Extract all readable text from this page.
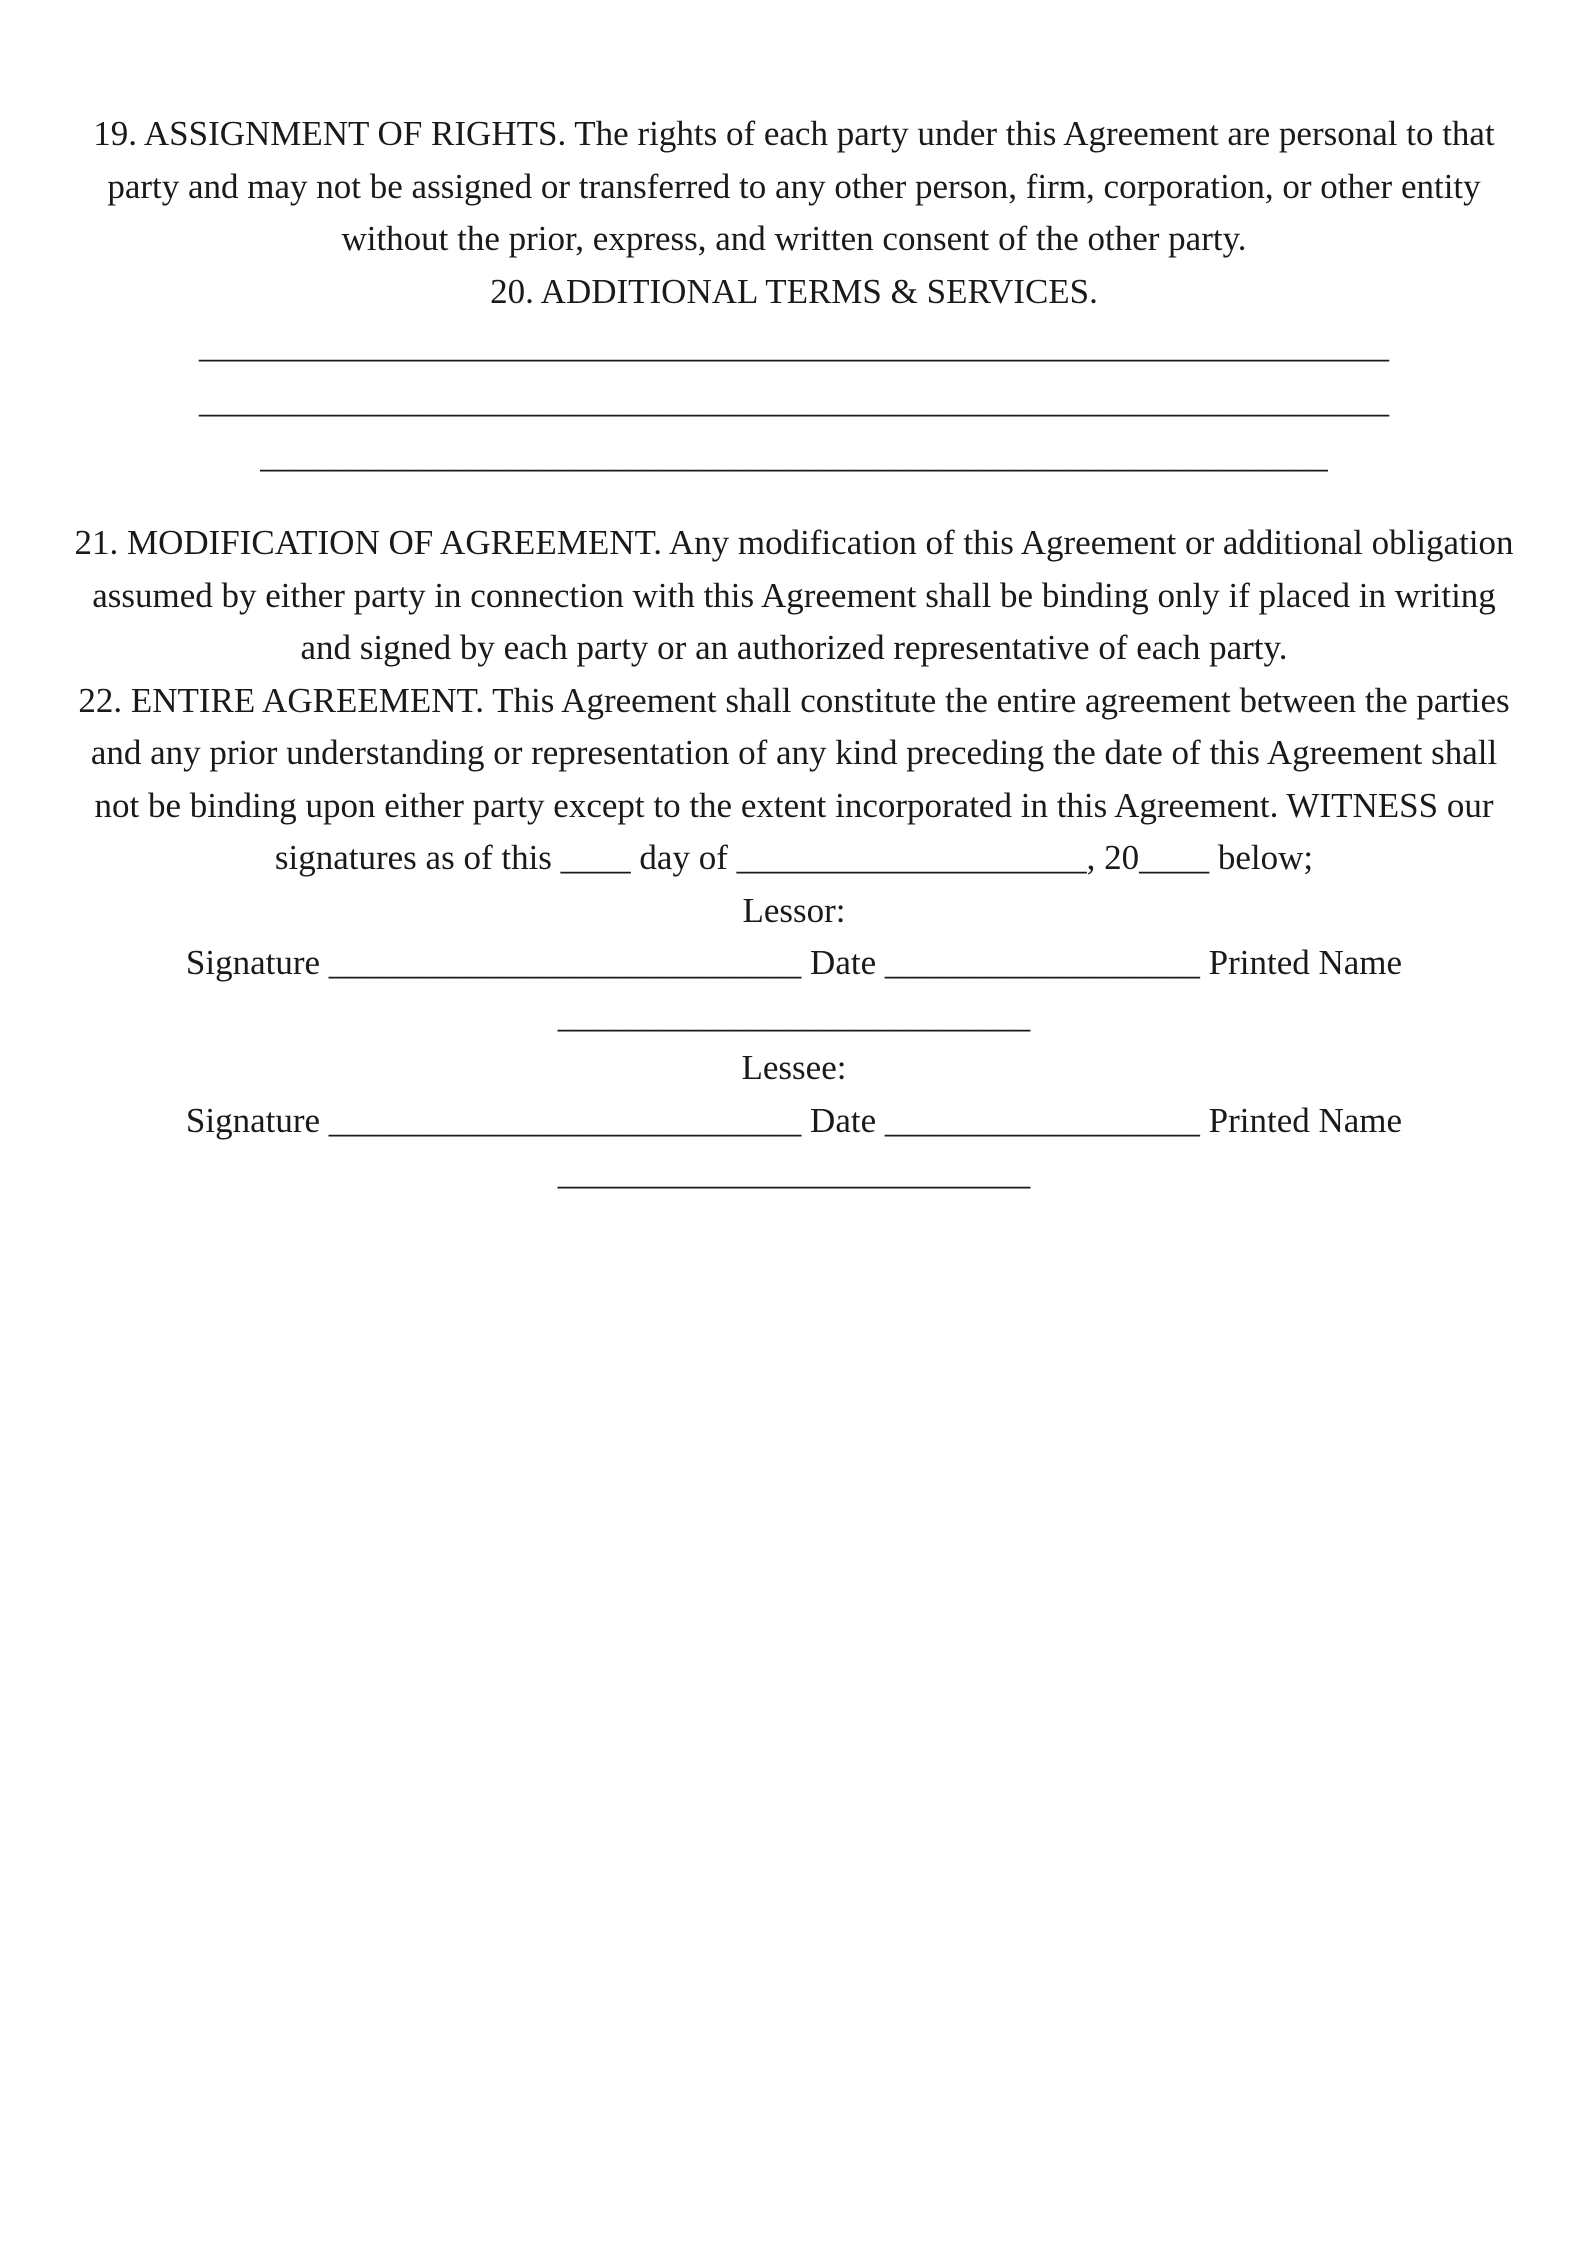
19. ASSIGNMENT OF RIGHTS. The rights of each party under this Agreement are personal to that party and may not be assigned or transferred to any other person, firm, corporation, or other entity without the prior, express, and written consent of the other party.

20. ADDITIONAL TERMS & SERVICES.

____________________________________________________________________
____________________________________________________________________
_____________________________________________________________

21. MODIFICATION OF AGREEMENT. Any modification of this Agreement or additional obligation assumed by either party in connection with this Agreement shall be binding only if placed in writing and signed by each party or an authorized representative of each party.

22. ENTIRE AGREEMENT. This Agreement shall constitute the entire agreement between the parties and any prior understanding or representation of any kind preceding the date of this Agreement shall not be binding upon either party except to the extent incorporated in this Agreement. WITNESS our signatures as of this ____ day of ____________________, 20____ below;

Lessor:

Signature ___________________________ Date __________________ Printed Name

___________________________

Lessee:

Signature ___________________________ Date __________________ Printed Name

___________________________
